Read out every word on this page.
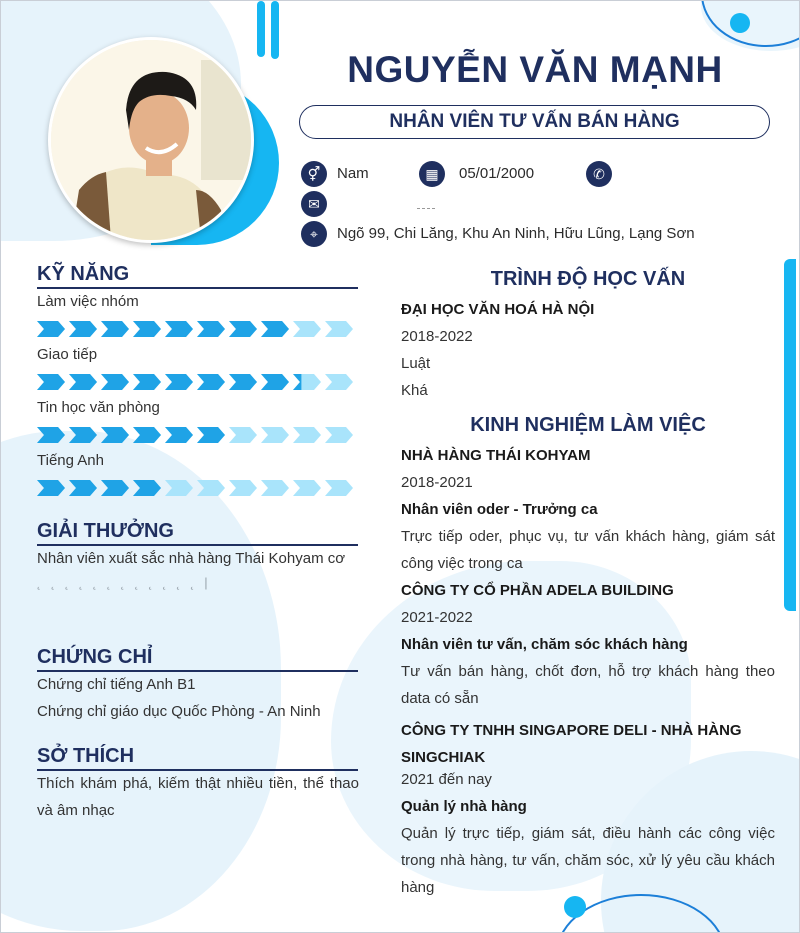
NGUYỄN VĂN MẠNH
NHÂN VIÊN TƯ VẤN BÁN HÀNG
⚥	Nam	▦	05/01/2000	✆
✉
⌖	Ngõ 99, Chi Lăng, Khu An Ninh, Hữu Lũng, Lạng Sơn
KỸ NĂNG
Làm việc nhóm
Giao tiếp
Tin học văn phòng
Tiếng Anh
GIẢI THƯỞNG
Nhân viên xuất sắc nhà hàng Thái Kohyam cơ
˛ ˛ ˛ ˛ ˛ ˛ ˛ ˛ ˛ ˛ ˛ ˛ |
CHỨNG CHỈ
Chứng chỉ tiếng Anh B1
Chứng chỉ giáo dục Quốc Phòng - An Ninh
SỞ THÍCH
Thích khám phá, kiếm thật nhiều tiền, thể thao và âm nhạc
TRÌNH ĐỘ HỌC VẤN
ĐẠI HỌC VĂN HOÁ HÀ NỘI
2018-2022
Luật
Khá
KINH NGHIỆM LÀM VIỆC
NHÀ HÀNG THÁI KOHYAM
2018-2021
Nhân viên oder - Trưởng ca
Trực tiếp oder, phục vụ, tư vấn khách hàng, giám sát công việc trong ca
CÔNG TY CỔ PHẦN ADELA BUILDING
2021-2022
Nhân viên tư vấn, chăm sóc khách hàng
Tư vấn bán hàng, chốt đơn, hỗ trợ khách hàng theo data có sẵn
CÔNG TY TNHH SINGAPORE DELI - NHÀ HÀNG SINGCHIAK
2021 đến nay
Quản lý nhà hàng
Quản lý trực tiếp, giám sát, điều hành các công việc trong nhà hàng, tư vấn, chăm sóc, xử lý yêu cầu khách hàng
